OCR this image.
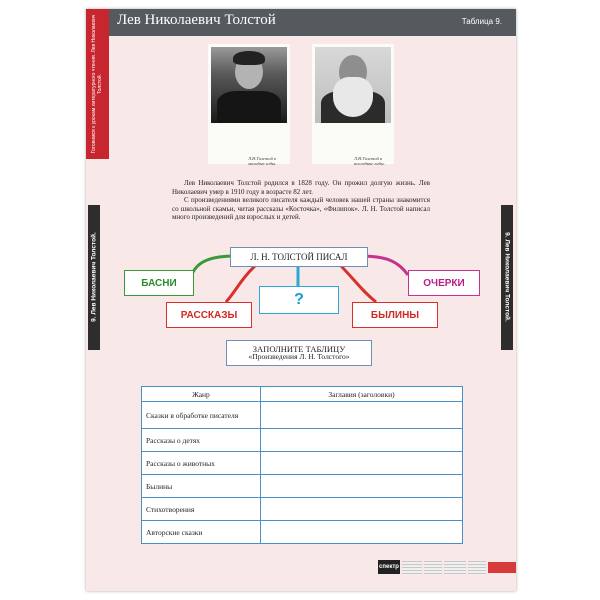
Лев Николаевич Толстой	Таблица 9.
Готовимся к урокам литературного чтения. Лев Николаевич Толстой.
Л.Н.Толстой в молодые годы.
Л.Н.Толстой в последние годы.

Лев Николаевич Толстой родился в 1828 году. Он прожил долгую жизнь. Лев Николаевич умер в 1910 году в возрасте 82 лет.

С произведениями великого писателя каждый человек нашей страны знакомится со школьной скамьи, читая рассказы «Косточка», «Филипок». Л. Н. Толстой написал много произведений для взрослых и детей.

Л. Н. ТОЛСТОЙ ПИСАЛ
БАСНИ	ОЧЕРКИ
?
РАССКАЗЫ	БЫЛИНЫ
ЗАПОЛНИТЕ ТАБЛИЦУ
«Произведения Л. Н. Толстого»
Жанр	Заглавия (заголовки)
Сказки в обработке писателя	
Рассказы о детях	
Рассказы о животных	
Былины	
Стихотворения	
Авторские сказки	
9. Лев Николаевич Толстой.	9. Лев Николаевич Толстой.
спектр
